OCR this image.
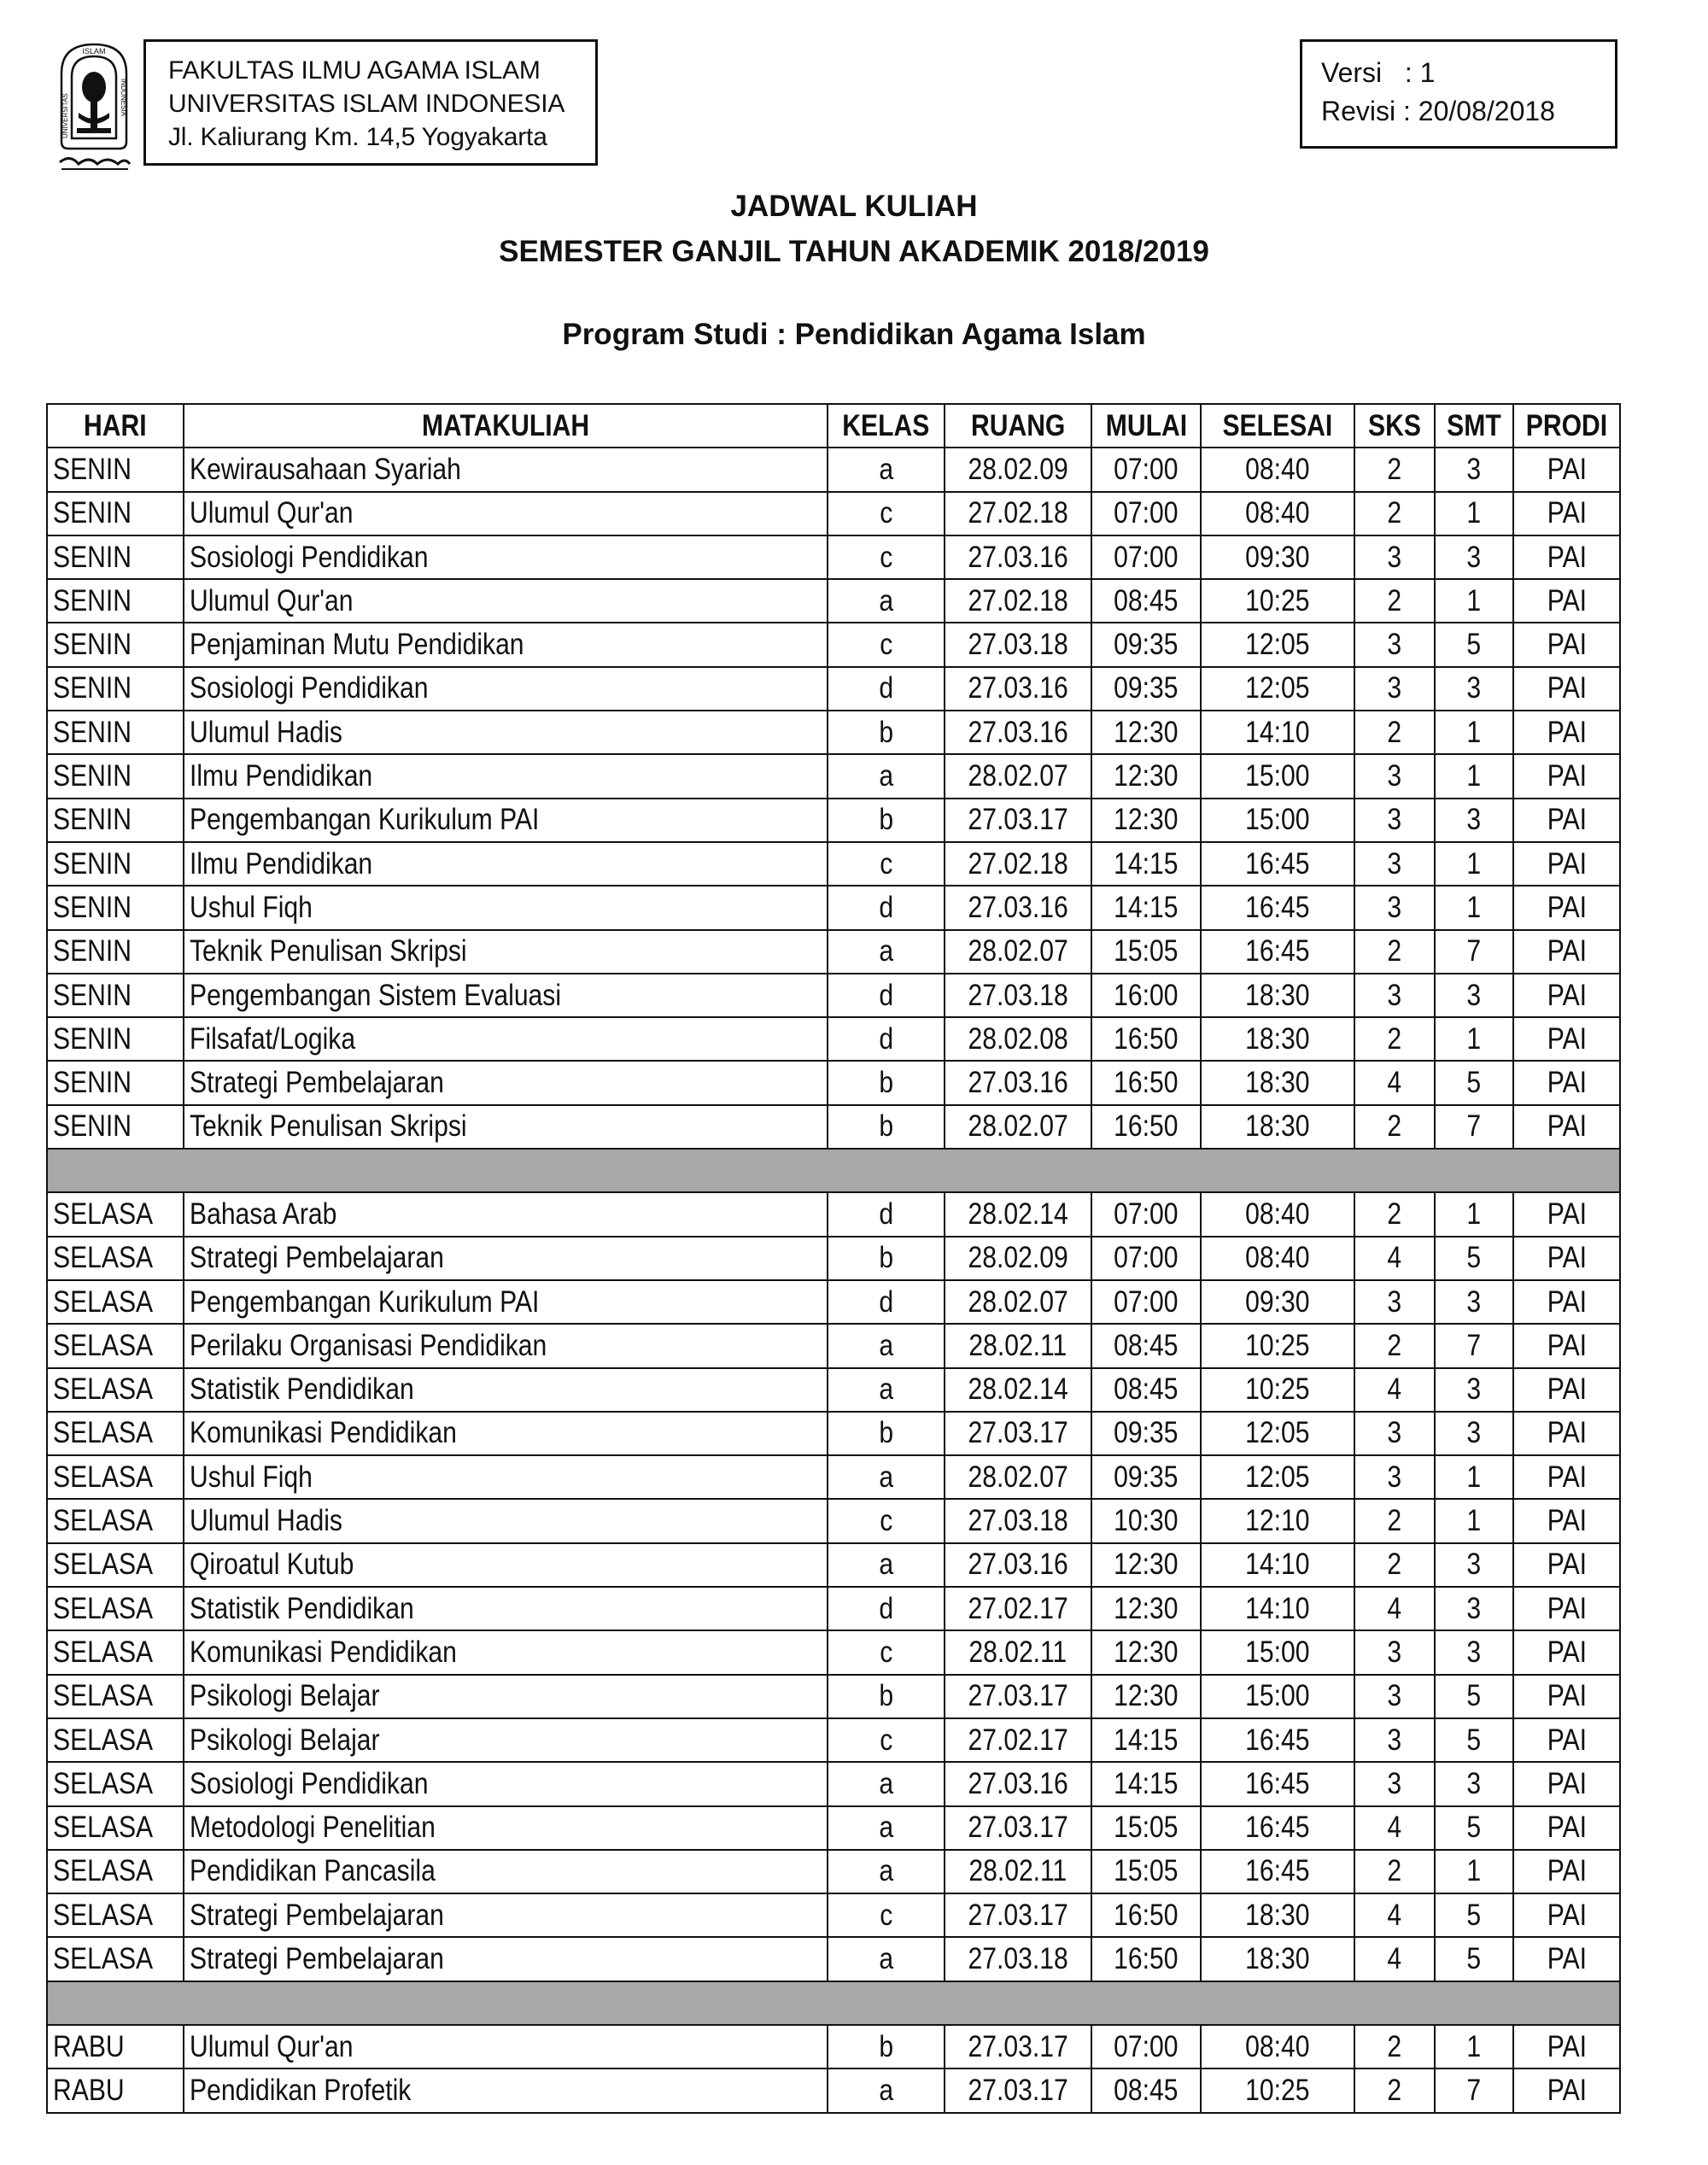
ISLAM
UNIVERSITAS	INDONESIA
FAKULTAS ILMU AGAMA ISLAM
UNIVERSITAS ISLAM INDONESIA
Jl. Kaliurang Km. 14,5 Yogyakarta
Versi   : 1
Revisi : 20/08/2018
JADWAL KULIAH
SEMESTER GANJIL TAHUN AKADEMIK 2018/2019
Program Studi : Pendidikan Agama Islam
HARI	MATAKULIAH	KELAS	RUANG	MULAI	SELESAI	SKS	SMT	PRODI
SENIN	Kewirausahaan Syariah	a	28.02.09	07:00	08:40	2	3	PAI
SENIN	Ulumul Qur'an	c	27.02.18	07:00	08:40	2	1	PAI
SENIN	Sosiologi Pendidikan	c	27.03.16	07:00	09:30	3	3	PAI
SENIN	Ulumul Qur'an	a	27.02.18	08:45	10:25	2	1	PAI
SENIN	Penjaminan Mutu Pendidikan	c	27.03.18	09:35	12:05	3	5	PAI
SENIN	Sosiologi Pendidikan	d	27.03.16	09:35	12:05	3	3	PAI
SENIN	Ulumul Hadis	b	27.03.16	12:30	14:10	2	1	PAI
SENIN	Ilmu Pendidikan	a	28.02.07	12:30	15:00	3	1	PAI
SENIN	Pengembangan Kurikulum PAI	b	27.03.17	12:30	15:00	3	3	PAI
SENIN	Ilmu Pendidikan	c	27.02.18	14:15	16:45	3	1	PAI
SENIN	Ushul Fiqh	d	27.03.16	14:15	16:45	3	1	PAI
SENIN	Teknik Penulisan Skripsi	a	28.02.07	15:05	16:45	2	7	PAI
SENIN	Pengembangan Sistem Evaluasi	d	27.03.18	16:00	18:30	3	3	PAI
SENIN	Filsafat/Logika	d	28.02.08	16:50	18:30	2	1	PAI
SENIN	Strategi Pembelajaran	b	27.03.16	16:50	18:30	4	5	PAI
SENIN	Teknik Penulisan Skripsi	b	28.02.07	16:50	18:30	2	7	PAI

SELASA	Bahasa Arab	d	28.02.14	07:00	08:40	2	1	PAI
SELASA	Strategi Pembelajaran	b	28.02.09	07:00	08:40	4	5	PAI
SELASA	Pengembangan Kurikulum PAI	d	28.02.07	07:00	09:30	3	3	PAI
SELASA	Perilaku Organisasi Pendidikan	a	28.02.11	08:45	10:25	2	7	PAI
SELASA	Statistik Pendidikan	a	28.02.14	08:45	10:25	4	3	PAI
SELASA	Komunikasi Pendidikan	b	27.03.17	09:35	12:05	3	3	PAI
SELASA	Ushul Fiqh	a	28.02.07	09:35	12:05	3	1	PAI
SELASA	Ulumul Hadis	c	27.03.18	10:30	12:10	2	1	PAI
SELASA	Qiroatul Kutub	a	27.03.16	12:30	14:10	2	3	PAI
SELASA	Statistik Pendidikan	d	27.02.17	12:30	14:10	4	3	PAI
SELASA	Komunikasi Pendidikan	c	28.02.11	12:30	15:00	3	3	PAI
SELASA	Psikologi Belajar	b	27.03.17	12:30	15:00	3	5	PAI
SELASA	Psikologi Belajar	c	27.02.17	14:15	16:45	3	5	PAI
SELASA	Sosiologi Pendidikan	a	27.03.16	14:15	16:45	3	3	PAI
SELASA	Metodologi Penelitian	a	27.03.17	15:05	16:45	4	5	PAI
SELASA	Pendidikan Pancasila	a	28.02.11	15:05	16:45	2	1	PAI
SELASA	Strategi Pembelajaran	c	27.03.17	16:50	18:30	4	5	PAI
SELASA	Strategi Pembelajaran	a	27.03.18	16:50	18:30	4	5	PAI

RABU	Ulumul Qur'an	b	27.03.17	07:00	08:40	2	1	PAI
RABU	Pendidikan Profetik	a	27.03.17	08:45	10:25	2	7	PAI
